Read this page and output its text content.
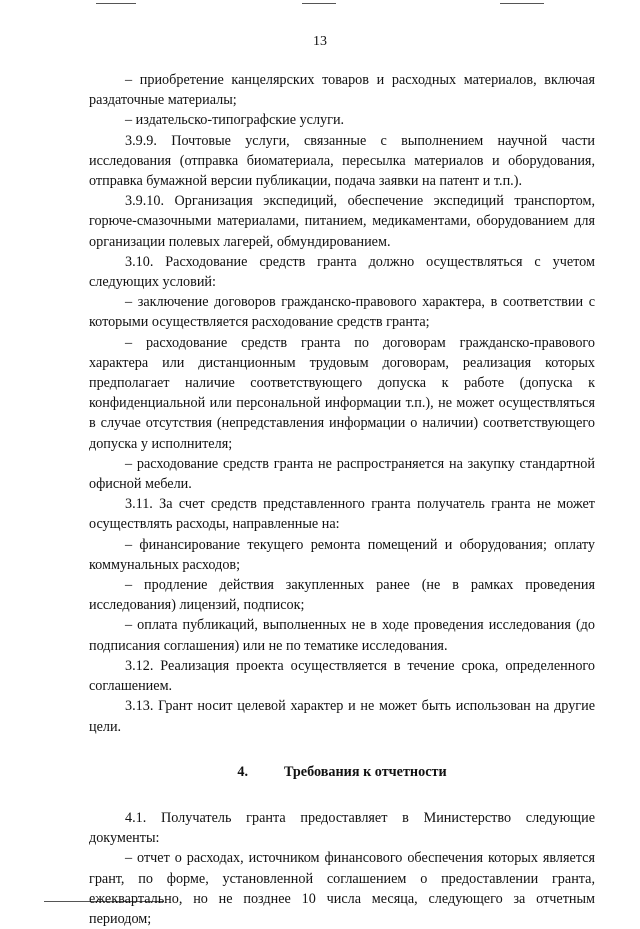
13

– приобретение канцелярских товаров и расходных материалов, включая раздаточные материалы;

– издательско-типографские услуги.

3.9.9. Почтовые услуги, связанные с выполнением научной части исследования (отправка биоматериала, пересылка материалов и оборудования, отправка бумажной версии публикации, подача заявки на патент и т.п.).

3.9.10. Организация экспедиций, обеспечение экспедиций транспортом, горюче-смазочными материалами, питанием, медикаментами, оборудованием для организации полевых лагерей, обмундированием.

3.10. Расходование средств гранта должно осуществляться с учетом следующих условий:

– заключение договоров гражданско-правового характера, в соответствии с которыми осуществляется расходование средств гранта;

– расходование средств гранта по договорам гражданско-правового характера или дистанционным трудовым договорам, реализация которых предполагает наличие соответствующего допуска к работе (допуска к конфиденциальной или персональной информации т.п.), не может осуществляться в случае отсутствия (непредставления информации о наличии) соответствующего допуска у исполнителя;

– расходование средств гранта не распространяется на закупку стандартной офисной мебели.

3.11. За счет средств представленного гранта получатель гранта не может осуществлять расходы, направленные на:

– финансирование текущего ремонта помещений и оборудования; оплату коммунальных расходов;

– продление действия закупленных ранее (не в рамках проведения исследования) лицензий, подписок;

– оплата публикаций, выполненных не в ходе проведения исследования (до подписания соглашения) или не по тематике исследования.

3.12. Реализация проекта осуществляется в течение срока, определенного соглашением.

3.13. Грант носит целевой характер и не может быть использован на другие цели.

4.	Требования к отчетности

4.1. Получатель гранта предоставляет в Министерство следующие документы:

– отчет о расходах, источником финансового обеспечения которых является грант, по форме, установленной соглашением о предоставлении гранта, ежеквартально, но не позднее 10 числа месяца, следующего за отчетным периодом;
